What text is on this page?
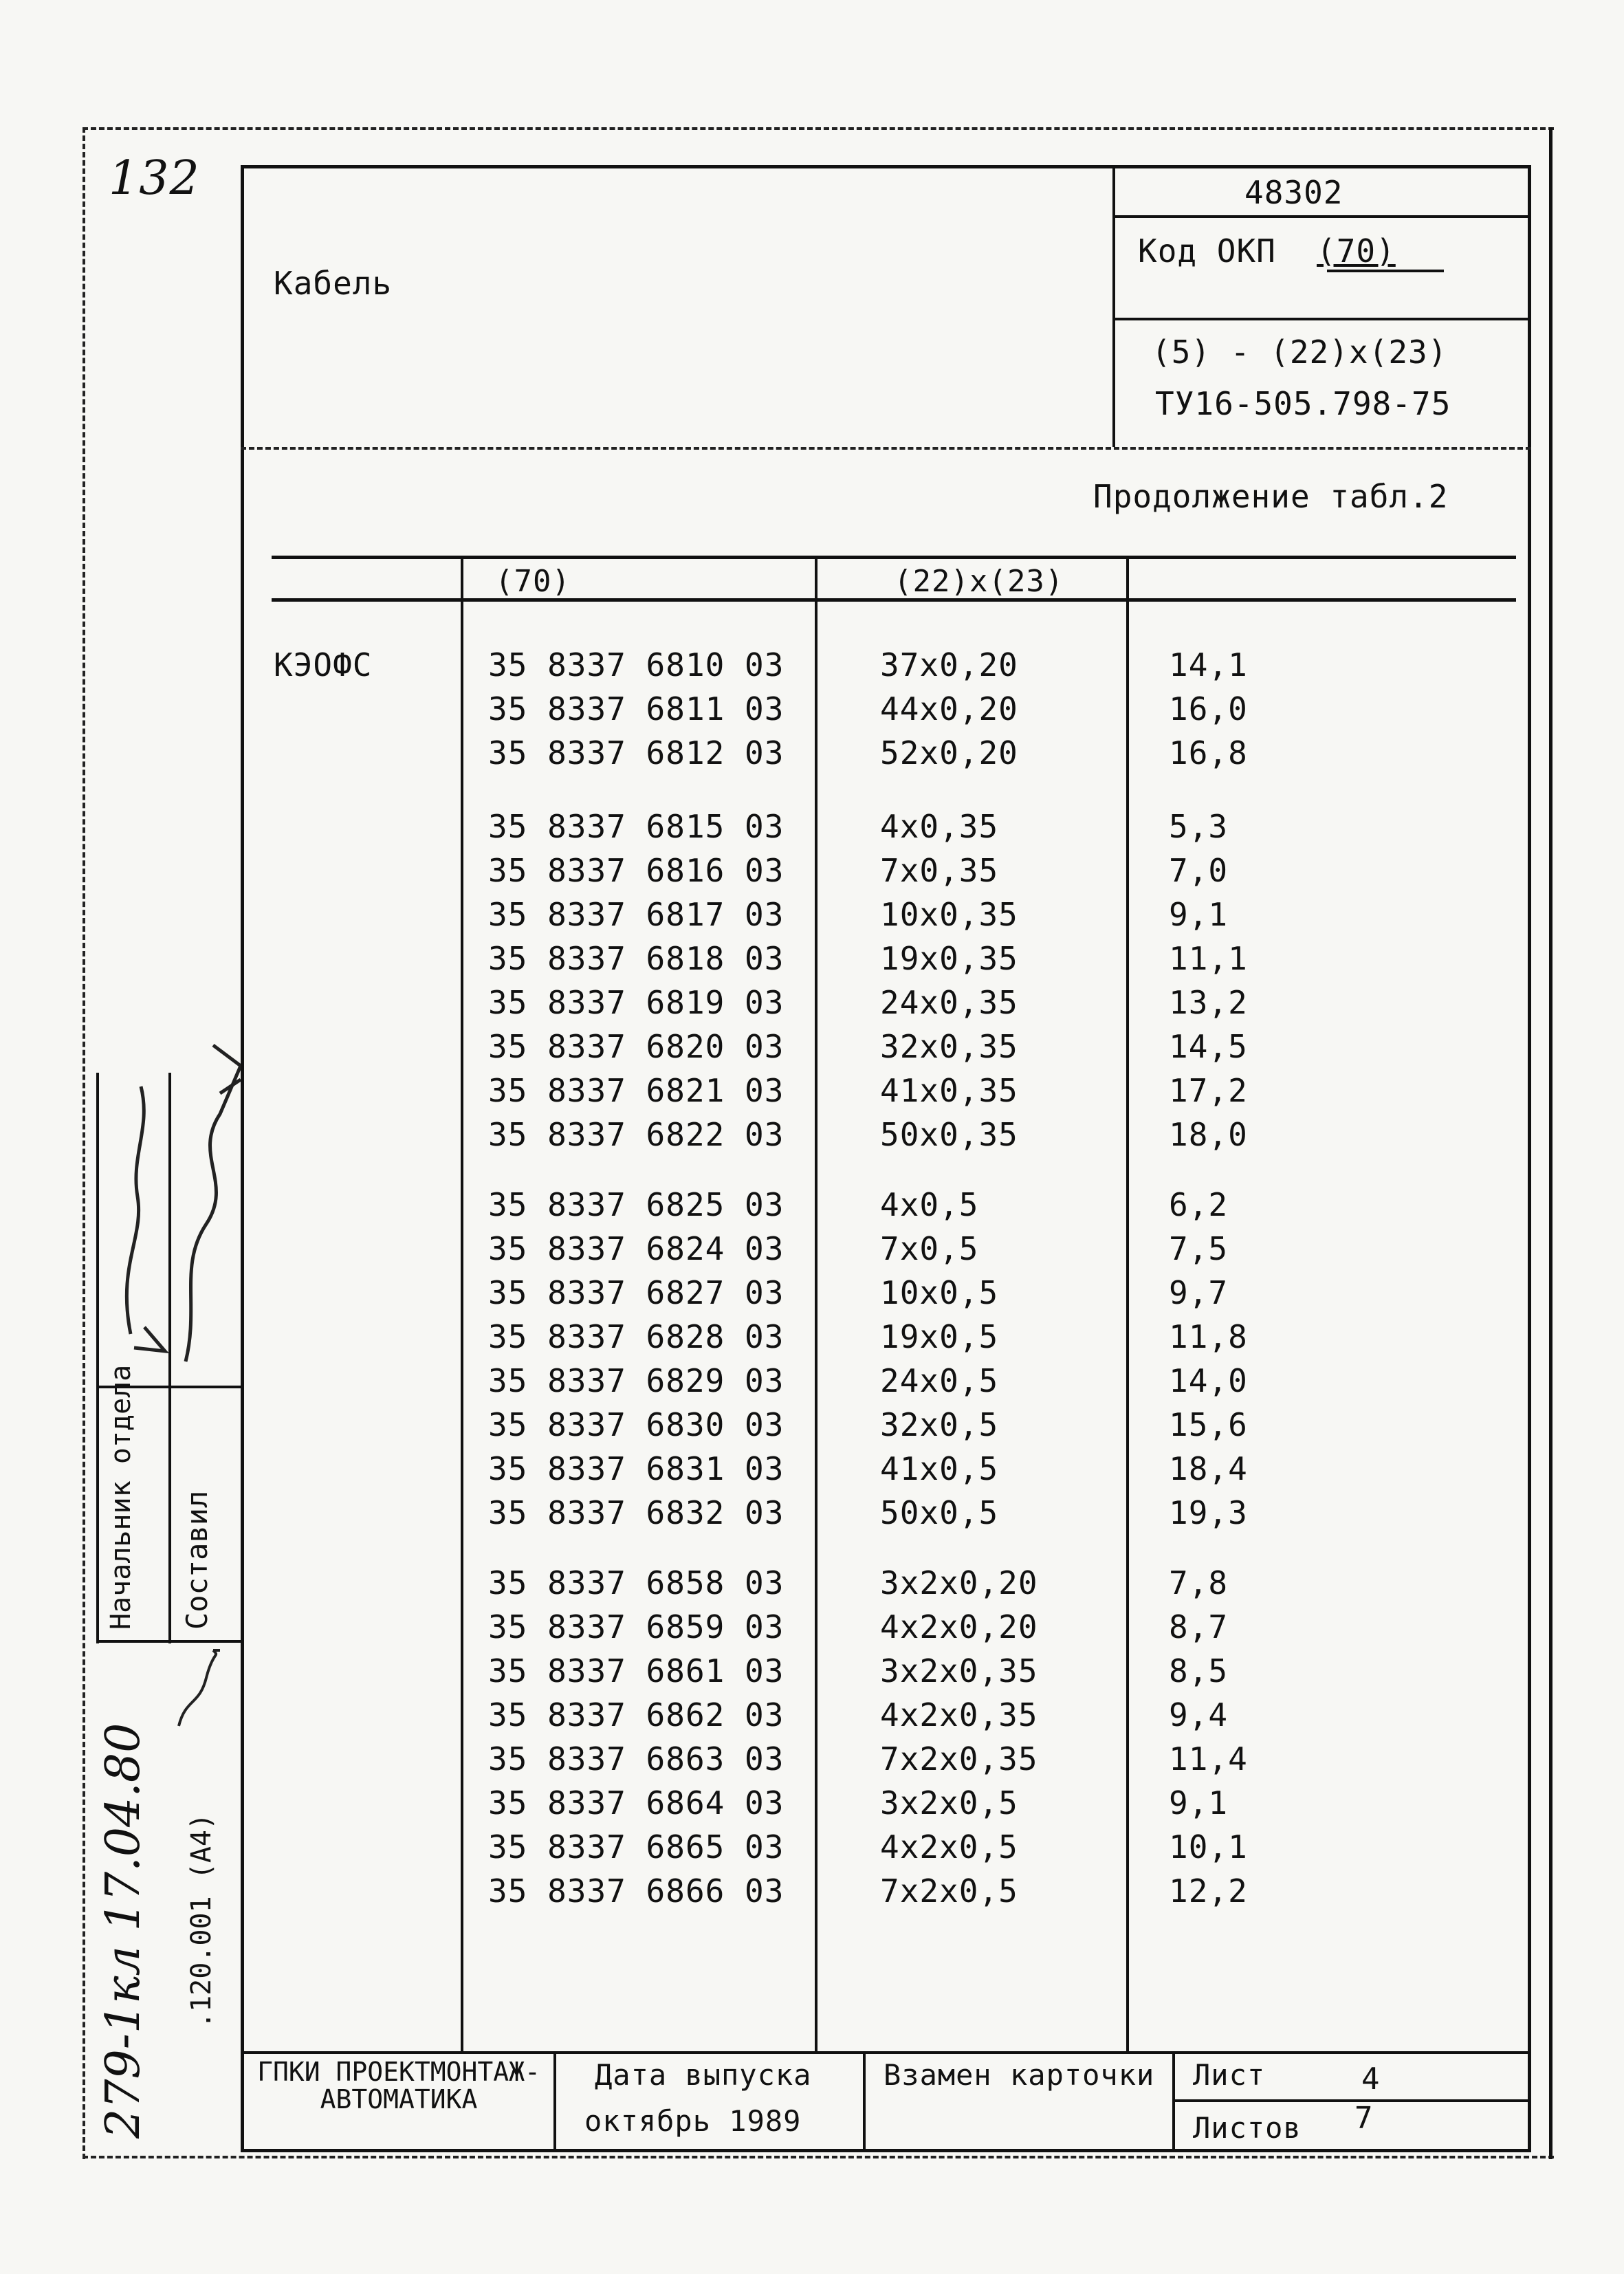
132
Начальник отдела Составил
279-1кл 17.04.80 .120.001 (A4)
Кабель
48302
Код ОКП (70)
(5) - (22)x(23)
ТУ16-505.798-75
Продолжение табл.2
(70)	(22)x(23)
КЭОФС	35 8337 6810 03	37x0,20	14,1
35 8337 6811 03	44x0,20	16,0
35 8337 6812 03	52x0,20	16,8
35 8337 6815 03	4x0,35	5,3
35 8337 6816 03	7x0,35	7,0
35 8337 6817 03	10x0,35	9,1
35 8337 6818 03	19x0,35	11,1
35 8337 6819 03	24x0,35	13,2
35 8337 6820 03	32x0,35	14,5
35 8337 6821 03	41x0,35	17,2
35 8337 6822 03	50x0,35	18,0
35 8337 6825 03	4x0,5	6,2
35 8337 6824 03	7x0,5	7,5
35 8337 6827 03	10x0,5	9,7
35 8337 6828 03	19x0,5	11,8
35 8337 6829 03	24x0,5	14,0
35 8337 6830 03	32x0,5	15,6
35 8337 6831 03	41x0,5	18,4
35 8337 6832 03	50x0,5	19,3
35 8337 6858 03	3x2x0,20	7,8
35 8337 6859 03	4x2x0,20	8,7
35 8337 6861 03	3x2x0,35	8,5
35 8337 6862 03	4x2x0,35	9,4
35 8337 6863 03	7x2x0,35	11,4
35 8337 6864 03	3x2x0,5	9,1
35 8337 6865 03	4x2x0,5	10,1
35 8337 6866 03	7x2x0,5	12,2
ГПКИ ПРОЕКТМОНТАЖ- АВТОМАТИКА
Дата выпуска
октябрь 1989
Взамен карточки Лист	4
Листов 7
